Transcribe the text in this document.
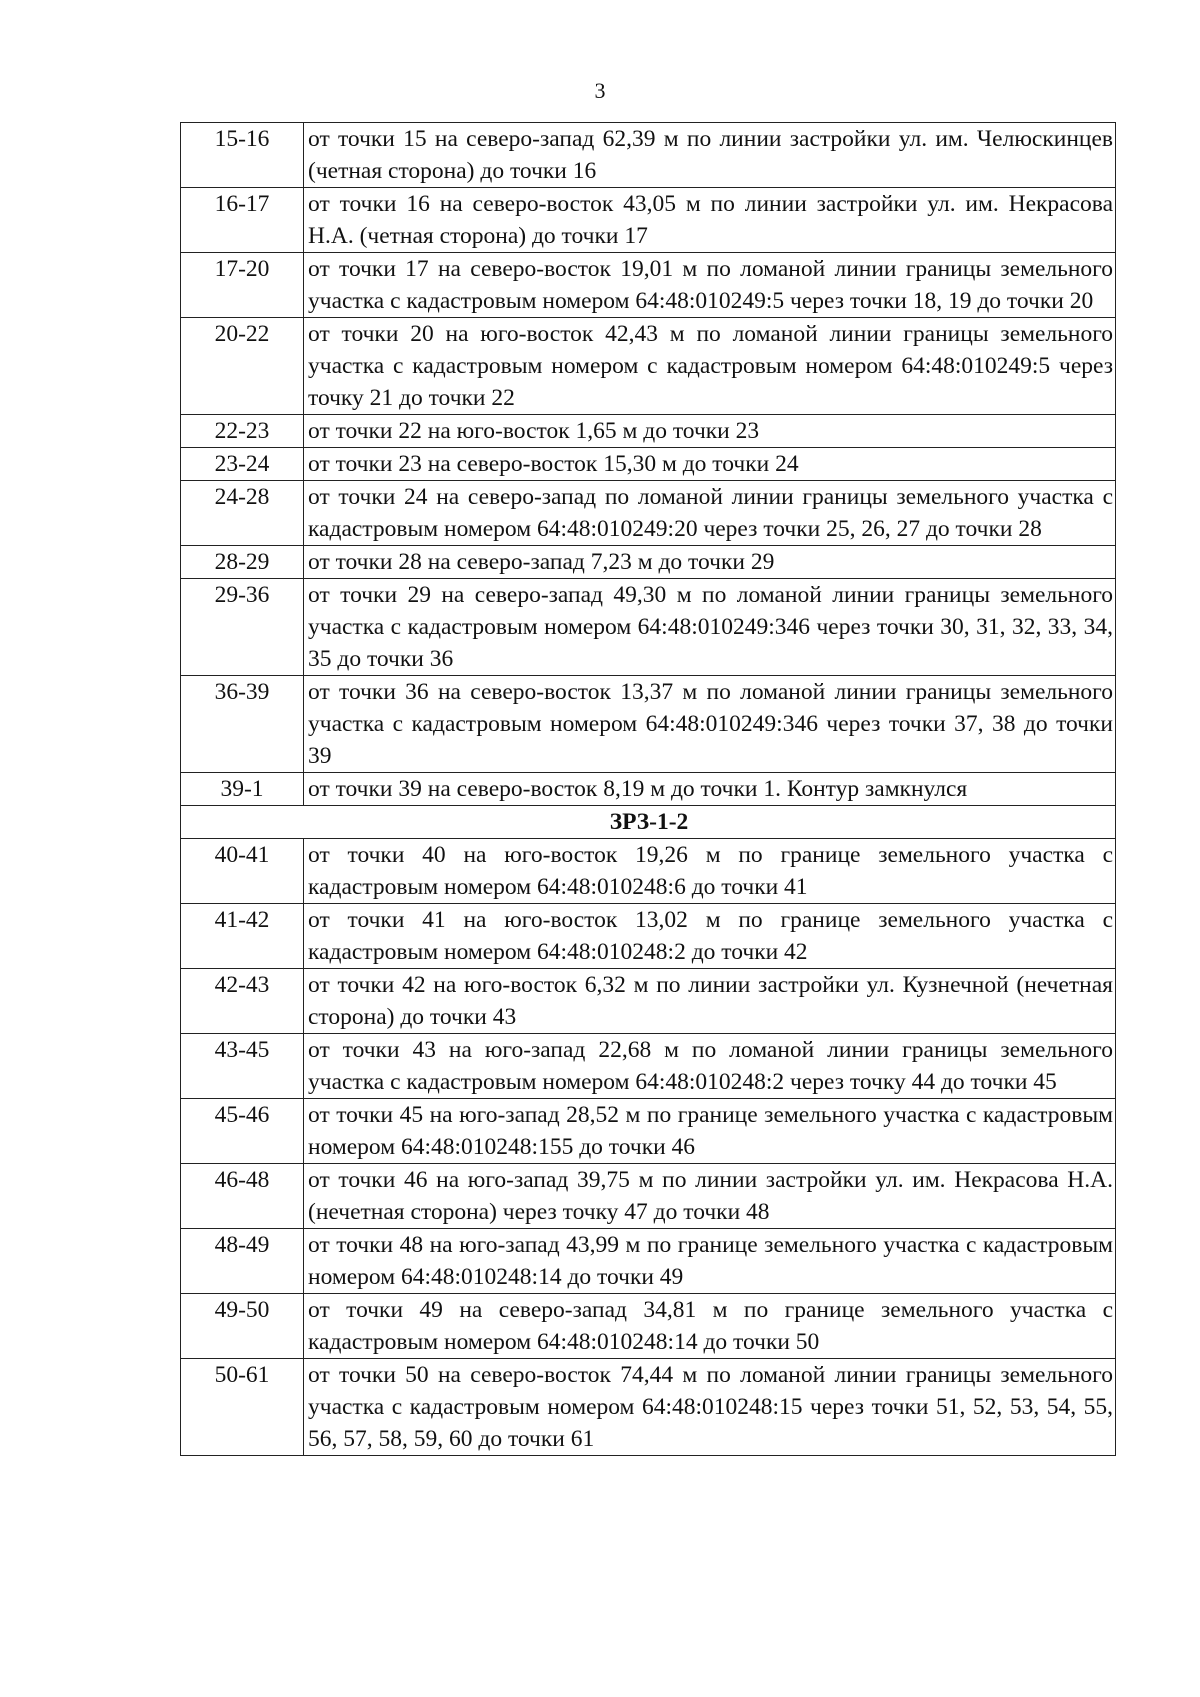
3
15-16	от точки 15 на северо-запад 62,39 м по линии застройки ул. им. Челюскинцев (четная сторона) до точки 16
16-17	от точки 16 на северо-восток 43,05 м по линии застройки ул. им. Некрасова Н.А. (четная сторона) до точки 17
17-20	от точки 17 на северо-восток 19,01 м по ломаной линии границы земельного участка с кадастровым номером 64:48:010249:5 через точки 18, 19 до точки 20
20-22	от точки 20 на юго-восток 42,43 м по ломаной линии границы земельного участка с кадастровым номером с кадастровым номером 64:48:010249:5 через точку 21 до точки 22
22-23	от точки 22 на юго-восток 1,65 м до точки 23
23-24	от точки 23 на северо-восток 15,30 м до точки 24
24-28	от точки 24 на северо-запад по ломаной линии границы земельного участка с кадастровым номером 64:48:010249:20 через точки 25, 26, 27 до точки 28
28-29	от точки 28 на северо-запад 7,23 м до точки 29
29-36	от точки 29 на северо-запад 49,30 м по ломаной линии границы земельного участка с кадастровым номером 64:48:010249:346 через точки 30, 31, 32, 33, 34, 35 до точки 36
36-39	от точки 36 на северо-восток 13,37 м по ломаной линии границы земельного участка с кадастровым номером 64:48:010249:346 через точки 37, 38 до точки 39
39-1	от точки 39 на северо-восток 8,19 м до точки 1. Контур замкнулся
ЗРЗ-1-2	
40-41	от точки 40 на юго-восток 19,26 м по границе земельного участка с кадастровым номером 64:48:010248:6 до точки 41
41-42	от точки 41 на юго-восток 13,02 м по границе земельного участка с кадастровым номером 64:48:010248:2 до точки 42
42-43	от точки 42 на юго-восток 6,32 м по линии застройки ул. Кузнечной (нечетная сторона) до точки 43
43-45	от точки 43 на юго-запад 22,68 м по ломаной линии границы земельного участка с кадастровым номером 64:48:010248:2 через точку 44 до точки 45
45-46	от точки 45 на юго-запад 28,52 м по границе земельного участка с кадастровым номером 64:48:010248:155 до точки 46
46-48	от точки 46 на юго-запад 39,75 м по линии застройки ул. им. Некрасова Н.А. (нечетная сторона) через точку 47 до точки 48
48-49	от точки 48 на юго-запад 43,99 м по границе земельного участка с кадастровым номером 64:48:010248:14 до точки 49
49-50	от точки 49 на северо-запад 34,81 м по границе земельного участка с кадастровым номером 64:48:010248:14 до точки 50
50-61	от точки 50 на северо-восток 74,44 м по ломаной линии границы земельного участка с кадастровым номером 64:48:010248:15 через точки 51, 52, 53, 54, 55, 56, 57, 58, 59, 60 до точки 61
